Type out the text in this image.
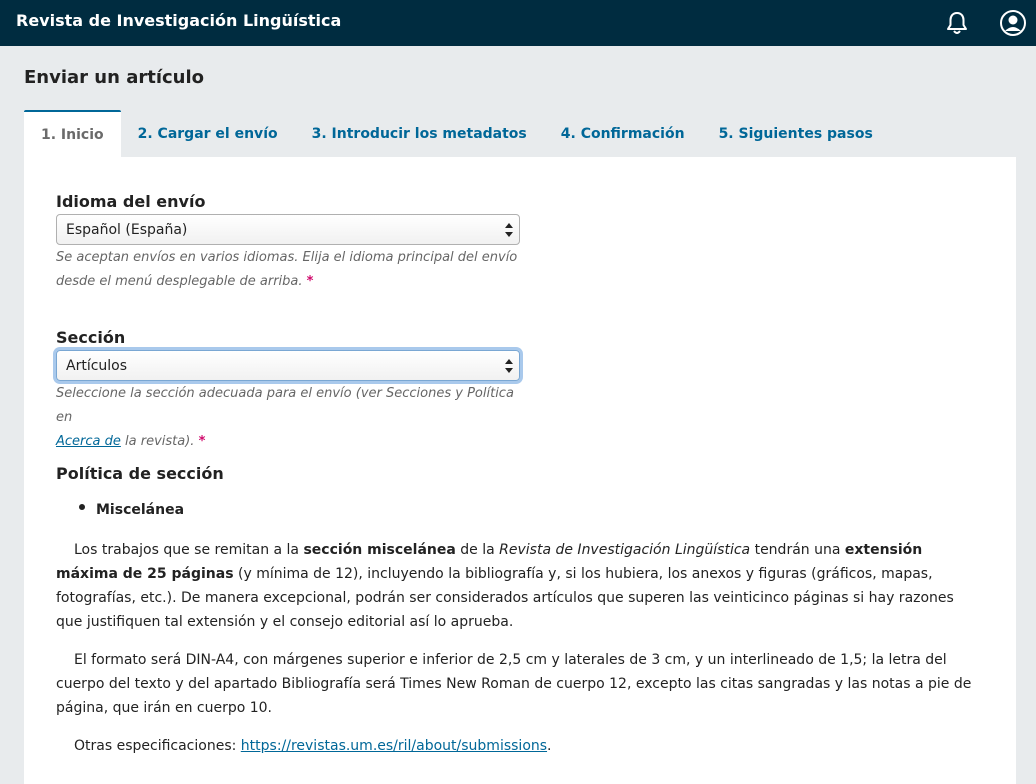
Revista de Investigación Lingüística
Enviar un artículo
1. Inicio	2. Cargar el envío	3. Introducir los metadatos	4. Confirmación	5. Siguientes pasos
Idioma del envío
Español (España)
Se aceptan envíos en varios idiomas. Elija el idioma principal del envío
desde el menú desplegable de arriba. *
Sección
Artículos
Seleccione la sección adecuada para el envío (ver Secciones y Política en
Acerca de la revista). *
Política de sección
Miscelánea

Los trabajos que se remitan a la sección miscelánea de la Revista de Investigación Lingüística tendrán una extensión máxima de 25 páginas (y mínima de 12), incluyendo la bibliografía y, si los hubiera, los anexos y figuras (gráficos, mapas, fotografías, etc.). De manera excepcional, podrán ser considerados artículos que superen las veinticinco páginas si hay razones que justifiquen tal extensión y el consejo editorial así lo aprueba.

El formato será DIN-A4, con márgenes superior e inferior de 2,5 cm y laterales de 3 cm, y un interlineado de 1,5; la letra del cuerpo del texto y del apartado Bibliografía será Times New Roman de cuerpo 12, excepto las citas sangradas y las notas a pie de página, que irán en cuerpo 10.

Otras especificaciones: https://revistas.um.es/ril/about/submissions.
